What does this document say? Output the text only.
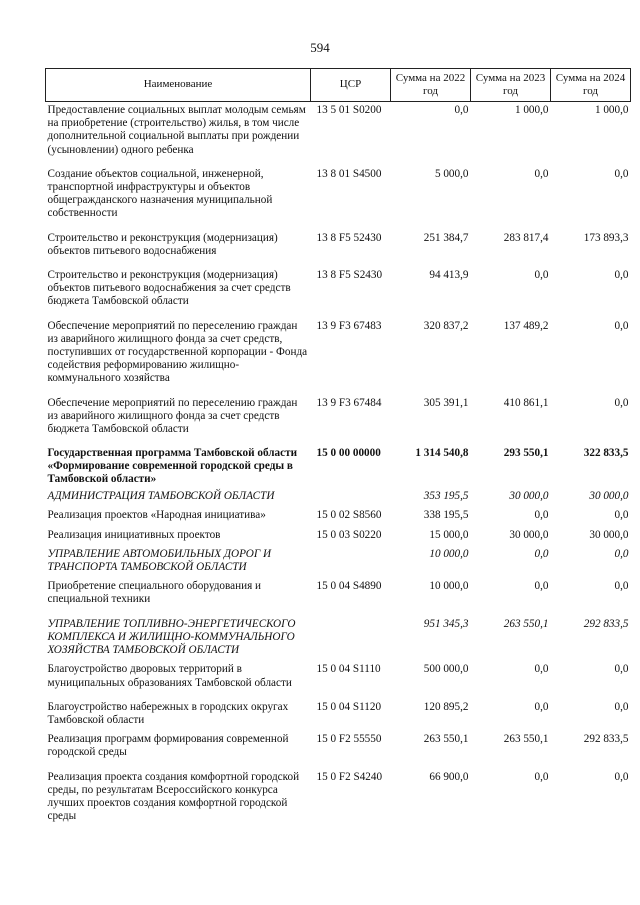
594
Наименование	ЦСР	Сумма на 2022 год	Сумма на 2023 год	Сумма на 2024 год
Предоставление социальных выплат молодым семьям на приобретение (строительство) жилья, в том числе дополнительной социальной выплаты при рождении (усыновлении) одного ребенка	13 5 01 S0200	0,0	1 000,0	1 000,0
Создание объектов социальной, инженерной, транспортной инфраструктуры и объектов общегражданского назначения муниципальной собственности	13 8 01 S4500	5 000,0	0,0	0,0
Строительство и реконструкция (модернизация) объектов питьевого водоснабжения	13 8 F5 52430	251 384,7	283 817,4	173 893,3
Строительство и реконструкция (модернизация) объектов питьевого водоснабжения за счет средств бюджета Тамбовской области	13 8 F5 S2430	94 413,9	0,0	0,0
Обеспечение мероприятий по переселению граждан из аварийного жилищного фонда за счет средств, поступивших от государственной корпорации - Фонда содействия реформированию жилищно-коммунального хозяйства	13 9 F3 67483	320 837,2	137 489,2	0,0
Обеспечение мероприятий по переселению граждан из аварийного жилищного фонда за счет средств бюджета Тамбовской области	13 9 F3 67484	305 391,1	410 861,1	0,0
Государственная программа Тамбовской области «Формирование современной городской среды в Тамбовской области»	15 0 00 00000	1 314 540,8	293 550,1	322 833,5
АДМИНИСТРАЦИЯ ТАМБОВСКОЙ ОБЛАСТИ		353 195,5	30 000,0	30 000,0
Реализация проектов «Народная инициатива»	15 0 02 S8560	338 195,5	0,0	0,0
Реализация инициативных проектов	15 0 03 S0220	15 000,0	30 000,0	30 000,0
УПРАВЛЕНИЕ АВТОМОБИЛЬНЫХ ДОРОГ И ТРАНСПОРТА ТАМБОВСКОЙ ОБЛАСТИ		10 000,0	0,0	0,0
Приобретение специального оборудования и специальной техники	15 0 04 S4890	10 000,0	0,0	0,0
УПРАВЛЕНИЕ ТОПЛИВНО-ЭНЕРГЕТИЧЕСКОГО КОМПЛЕКСА И ЖИЛИЩНО-КОММУНАЛЬНОГО ХОЗЯЙСТВА ТАМБОВСКОЙ ОБЛАСТИ		951 345,3	263 550,1	292 833,5
Благоустройство дворовых территорий в муниципальных образованиях Тамбовской области	15 0 04 S1110	500 000,0	0,0	0,0
Благоустройство набережных в городских округах Тамбовской области	15 0 04 S1120	120 895,2	0,0	0,0
Реализация программ формирования современной городской среды	15 0 F2 55550	263 550,1	263 550,1	292 833,5
Реализация проекта создания комфортной городской среды, по результатам Всероссийского конкурса лучших проектов создания комфортной городской среды	15 0 F2 S4240	66 900,0	0,0	0,0
